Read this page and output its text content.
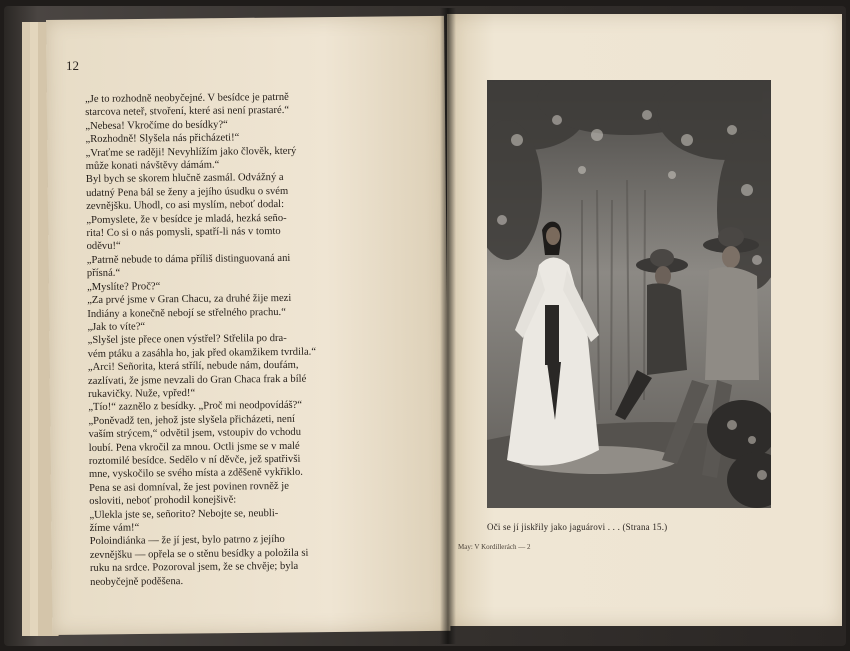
12

„Je to rozhodně neobyčejné. V besídce je patrně

starcova neteř, stvoření, které asi není prastaré.“

„Nebesa! Vkročíme do besídky?“

„Rozhodně! Slyšela nás přicházeti!“

„Vraťme se raději! Nevyhlížím jako člověk, který

může konati návštěvy dámám.“

Byl bych se skorem hlučně zasmál. Odvážný a

udatný Pena bál se ženy a jejího úsudku o svém

zevnějšku. Uhodl, co asi myslím, neboť dodal:

„Pomyslete, že v besídce je mladá, hezká seño-

rita! Co si o nás pomysli, spatří-li nás v tomto

oděvu!“

„Patrně nebude to dáma příliš distinguovaná ani

přísná.“

„Myslíte? Proč?“

„Za prvé jsme v Gran Chacu, za druhé žije mezi

Indiány a konečně nebojí se střelného prachu.“

„Jak to víte?“

„Slyšel jste přece onen výstřel? Střelila po dra-

vém ptáku a zasáhla ho, jak před okamžikem tvrdila.“

„Arci! Señorita, která střílí, nebude nám, doufám,

zazlívati, že jsme nevzali do Gran Chaca frak a bílé

rukavičky. Nuže, vpřed!“

„Tío!“ zaznělo z besídky. „Proč mi neodpovídáš?“

„Poněvadž ten, jehož jste slyšela přicházeti, není

vaším strýcem,“ odvětil jsem, vstoupiv do vchodu

loubí. Pena vkročil za mnou. Octli jsme se v malé

roztomilé besídce. Sedělo v ní děvče, jež spatřivši

mne, vyskočilo se svého místa a zděšeně vykřiklo.

Pena se asi domníval, že jest povinen rovněž je

osloviti, neboť prohodil konejšivě:

„Ulekla jste se, señorito? Nebojte se, neubli-

žíme vám!“

Poloindiánka — že jí jest, bylo patrno z jejího

zevnějšku — opřela se o stěnu besídky a položila si

ruku na srdce. Pozoroval jsem, že se chvěje; byla

neobyčejně poděšena.

Oči se jí jiskřily jako jaguárovi . . . (Strana 15.)
May: V Kordillerách — 2
